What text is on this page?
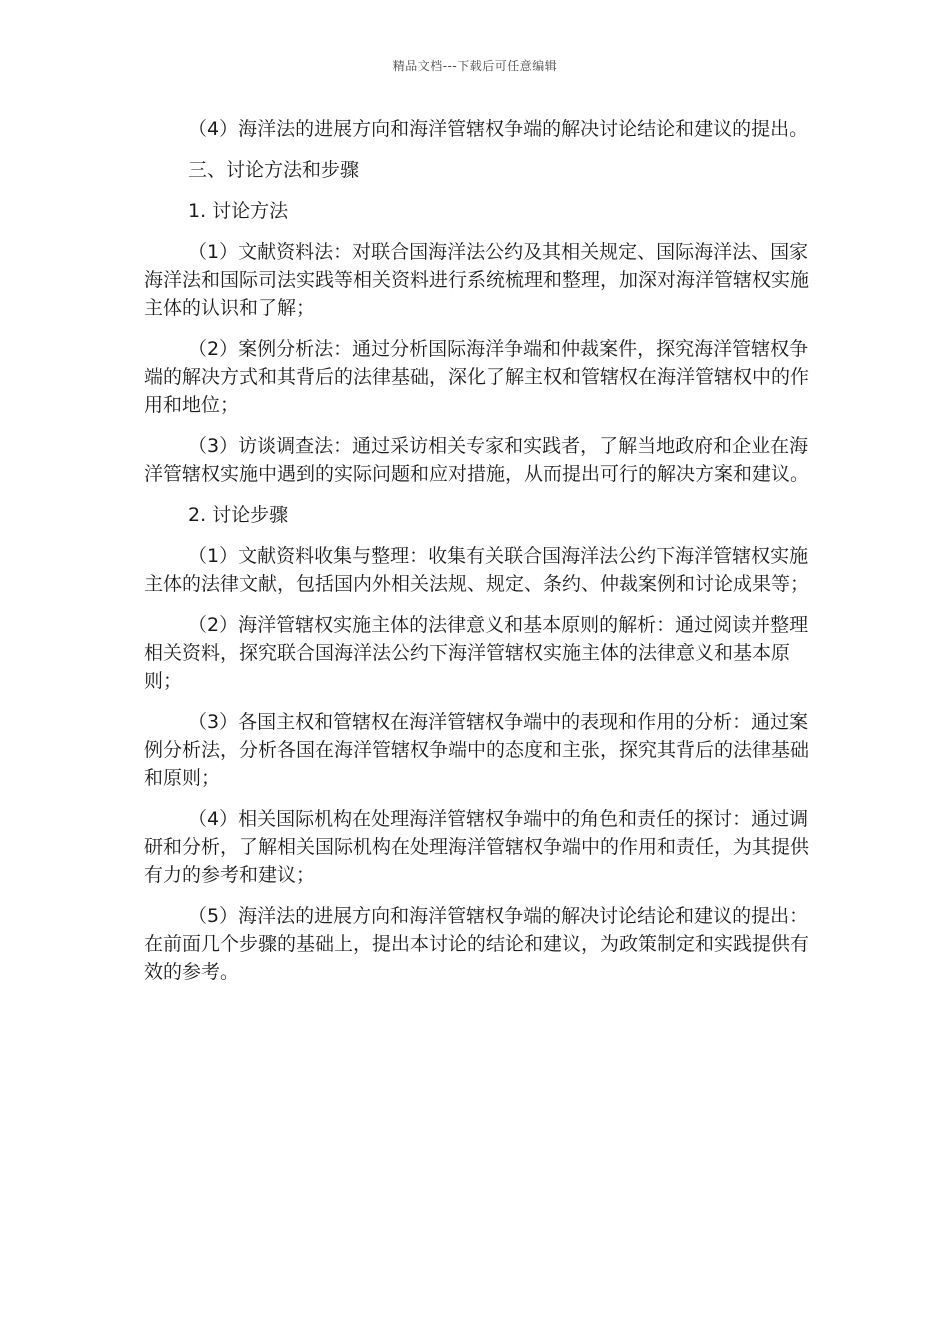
精品文档---下载后可任意编辑

（4）海洋法的进展方向和海洋管辖权争端的解决讨论结论和建议的提出。

三、讨论方法和步骤

1. 讨论方法

（1）文献资料法：对联合国海洋法公约及其相关规定、国际海洋法、国家海洋法和国际司法实践等相关资料进行系统梳理和整理，加深对海洋管辖权实施主体的认识和了解；

（2）案例分析法：通过分析国际海洋争端和仲裁案件，探究海洋管辖权争端的解决方式和其背后的法律基础，深化了解主权和管辖权在海洋管辖权中的作用和地位；

（3）访谈调查法：通过采访相关专家和实践者，了解当地政府和企业在海洋管辖权实施中遇到的实际问题和应对措施，从而提出可行的解决方案和建议。

2. 讨论步骤

（1）文献资料收集与整理：收集有关联合国海洋法公约下海洋管辖权实施主体的法律文献，包括国内外相关法规、规定、条约、仲裁案例和讨论成果等；

（2）海洋管辖权实施主体的法律意义和基本原则的解析：通过阅读并整理相关资料，探究联合国海洋法公约下海洋管辖权实施主体的法律意义和基本原则；

（3）各国主权和管辖权在海洋管辖权争端中的表现和作用的分析：通过案例分析法，分析各国在海洋管辖权争端中的态度和主张，探究其背后的法律基础和原则；

（4）相关国际机构在处理海洋管辖权争端中的角色和责任的探讨：通过调研和分析，了解相关国际机构在处理海洋管辖权争端中的作用和责任，为其提供有力的参考和建议；

（5）海洋法的进展方向和海洋管辖权争端的解决讨论结论和建议的提出：在前面几个步骤的基础上，提出本讨论的结论和建议，为政策制定和实践提供有效的参考。
